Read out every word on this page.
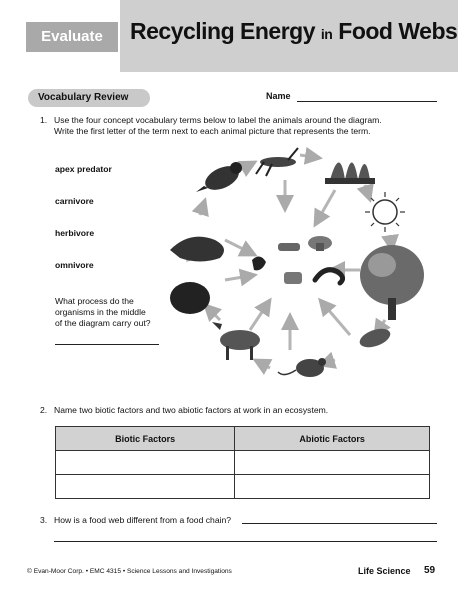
Evaluate	Recycling Energy in Food Webs
Vocabulary Review	Name
1. Use the four concept vocabulary terms below to label the animals around the diagram.
Write the first letter of the term next to each animal picture that represents the term.
apex predator
carnivore
herbivore
omnivore
What process do the
organisms in the middle
of the diagram carry out?
2. Name two biotic factors and two abiotic factors at work in an ecosystem.
Biotic Factors	Abiotic Factors

3. How is a food web different from a food chain?
© Evan-Moor Corp. • EMC 4315 • Science Lessons and Investigations	Life Science 59
